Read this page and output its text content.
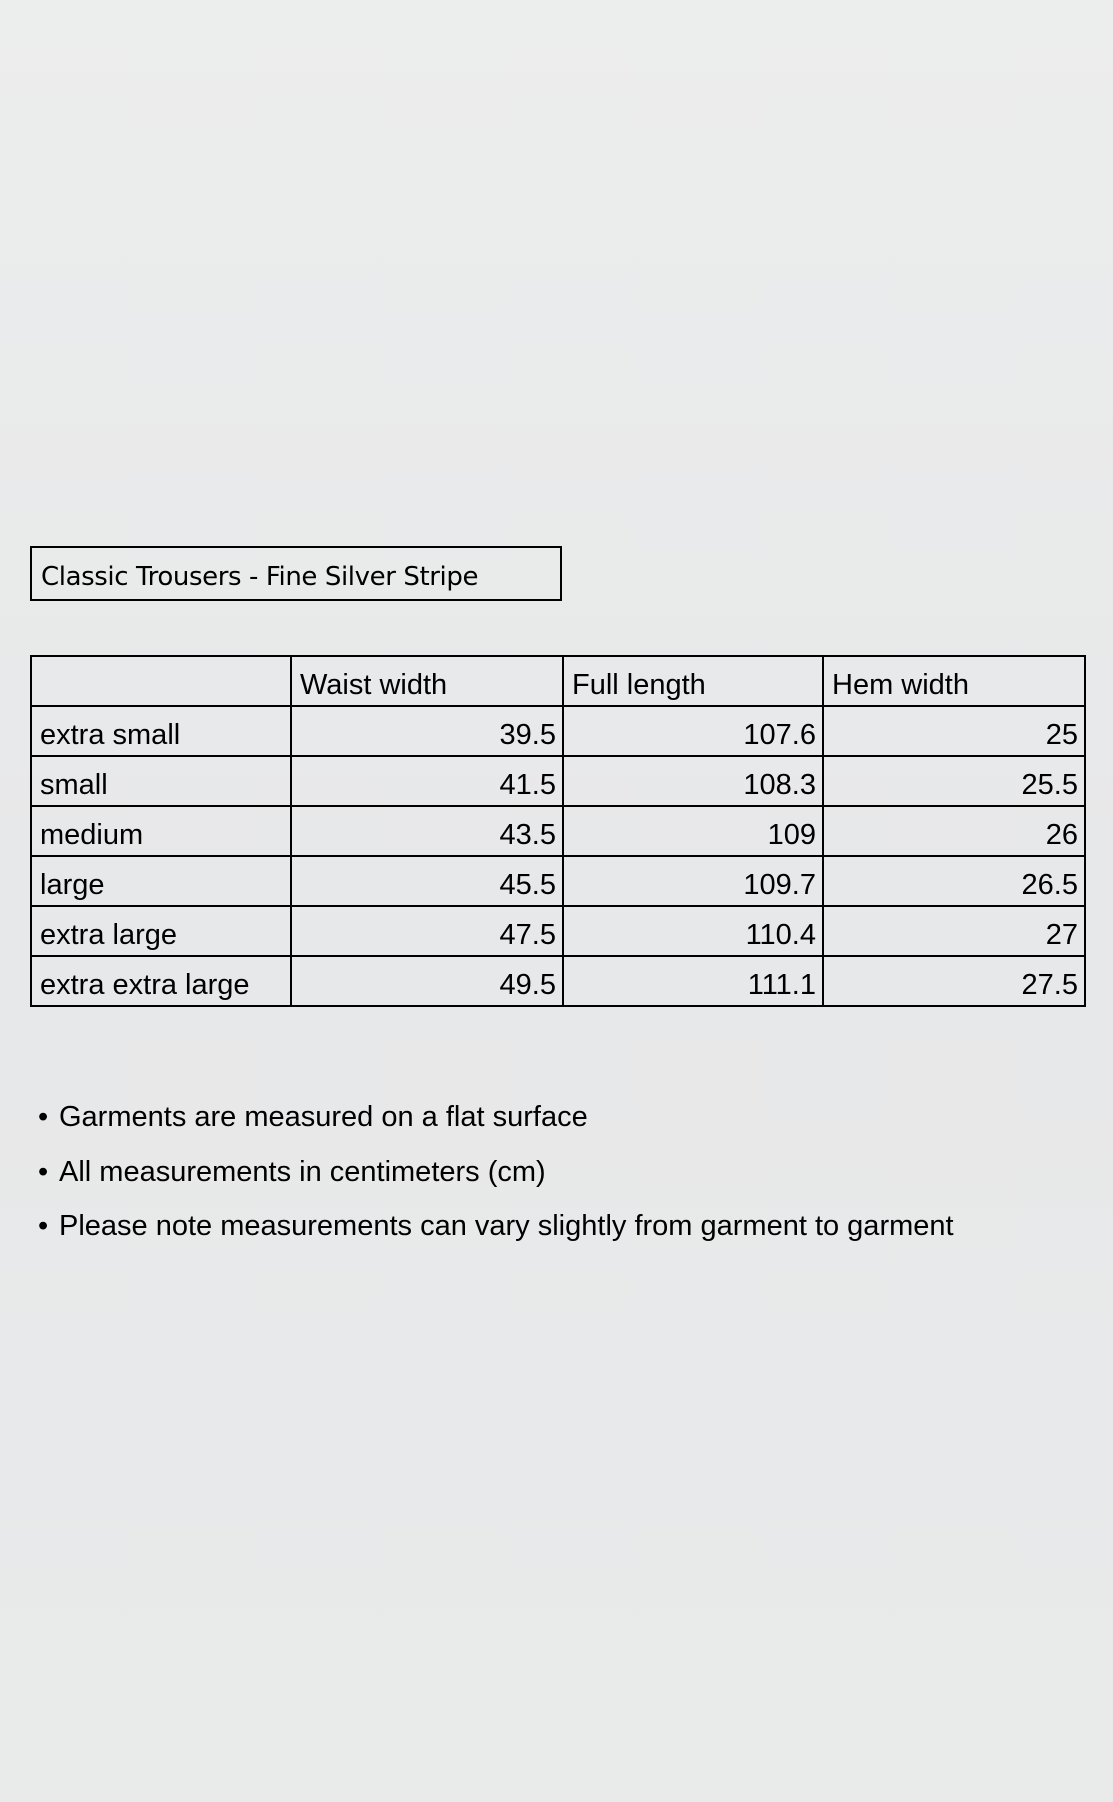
Classic Trousers - Fine Silver Stripe
	Waist width	Full length	Hem width
extra small	39.5	107.6	25
small	41.5	108.3	25.5
medium	43.5	109	26
large	45.5	109.7	26.5
extra large	47.5	110.4	27
extra extra large	49.5	111.1	27.5
• Garments are measured on a flat surface
• All measurements in centimeters (cm)
• Please note measurements can vary slightly from garment to garment
